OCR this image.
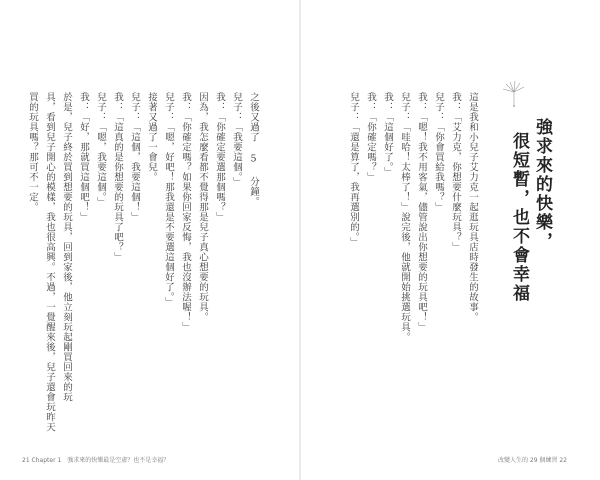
強求來的快樂，
很短暫，也不會幸福
這是我和小兒子艾力克一起逛玩具店時發生的故事。
我：「艾力克，你想要什麼玩具？」
兒子：「你會買給我嗎？」
我：「嗯！我不用客氣，儘管說出你想要的玩具吧！」
兒子：「哇哈！太棒了！」說完後，他就開始挑選玩具。
我：「這個好了。」
我：「你確定嗎？」
兒子：「還是算了，我再選別的。」
改變人生的 29 個練習 22
之後又過了 5 分鐘。
兒子：「我要這個。」
我：「你確定要選那個嗎？」
因為，我怎麼看都不覺得那是兒子真心想要的玩具。
我：「你確定嗎？如果你回家反悔，我也沒辦法喔！」
兒子：「嗯，好吧！那我還是不要選這個好了。」
接著又過了一會兒。
兒子：「這個，我要這個！」
我：「這真的是你想要的玩具了吧？」
兒子：「嗯，我要這個。」
我：「好，那就買這個吧！」
於是，兒子終於買到想要的玩具，回到家後，他立刻玩起剛買回來的玩
具，看到兒子開心的模樣，我也很高興。不過，一覺醒來後，兒子還會玩昨天
買的玩具嗎？那可不一定。
21 Chapter 1　強求來的快樂最是空虛？也不是幸福？
